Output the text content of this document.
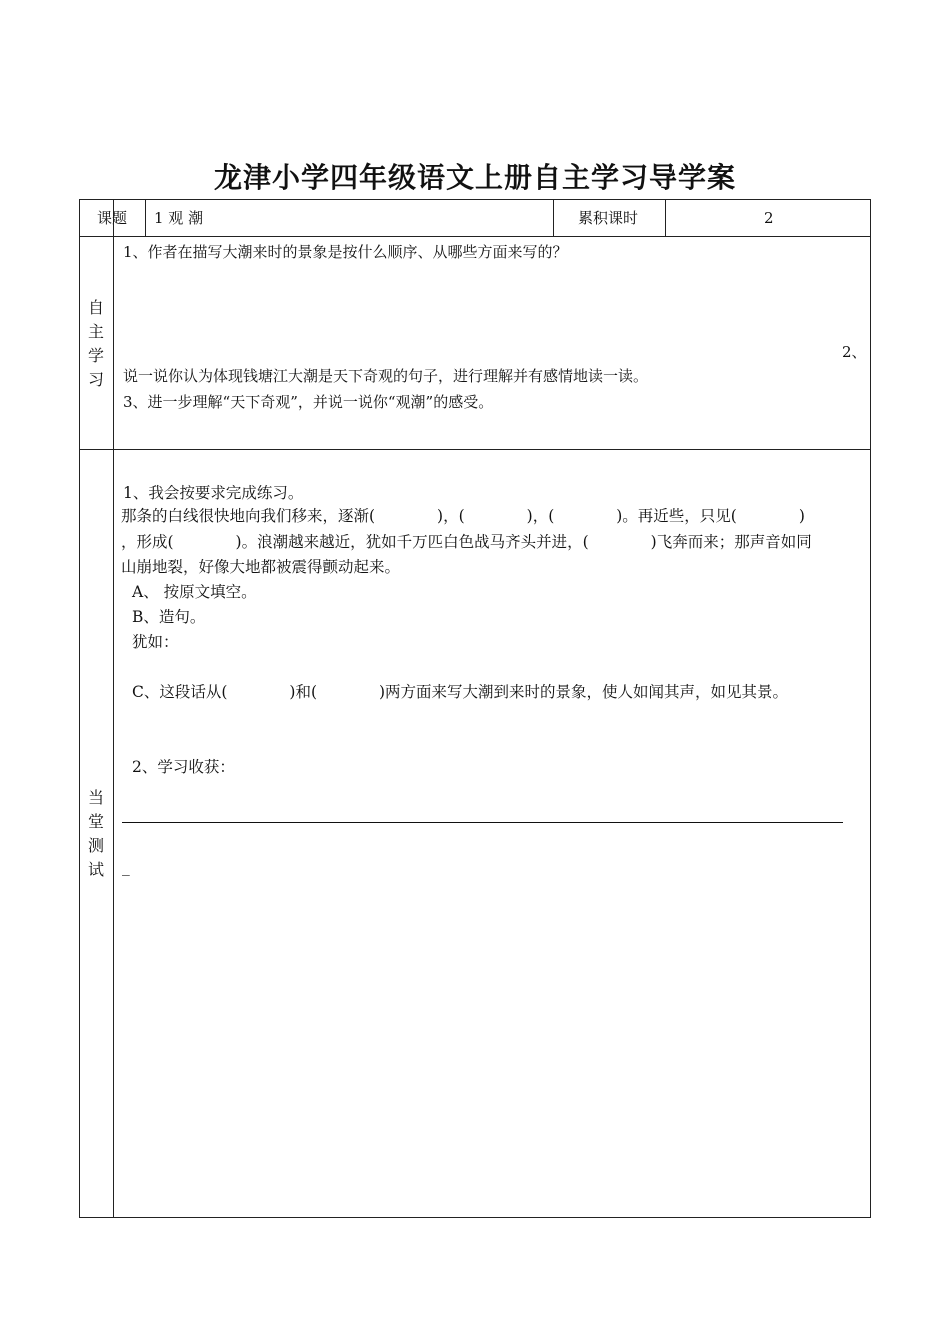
龙津小学四年级语文上册自主学习导学案
课题 1 观 潮	累积课时	2
自
主
学
习
1、作者在描写大潮来时的景象是按什么顺序、从哪些方面来写的？
2、
说一说你认为体现钱塘江大潮是天下奇观的句子，进行理解并有感情地读一读。
3、进一步理解“天下奇观”，并说一说你“观潮”的感受。
当
堂
测
试
1、我会按要求完成练习。
那条的白线很快地向我们移来，逐渐(　　　　)，(　　　　)，(　　　　)。再近些，只见(　　　　)
，形成(　　　　)。浪潮越来越近，犹如千万匹白色战马齐头并进，(　　　　)飞奔而来；那声音如同
山崩地裂，好像大地都被震得颤动起来。
A、 按原文填空。
B、造句。
犹如：
C、这段话从(　　　　)和(　　　　)两方面来写大潮到来时的景象，使人如闻其声，如见其景。
2、学习收获：
_
